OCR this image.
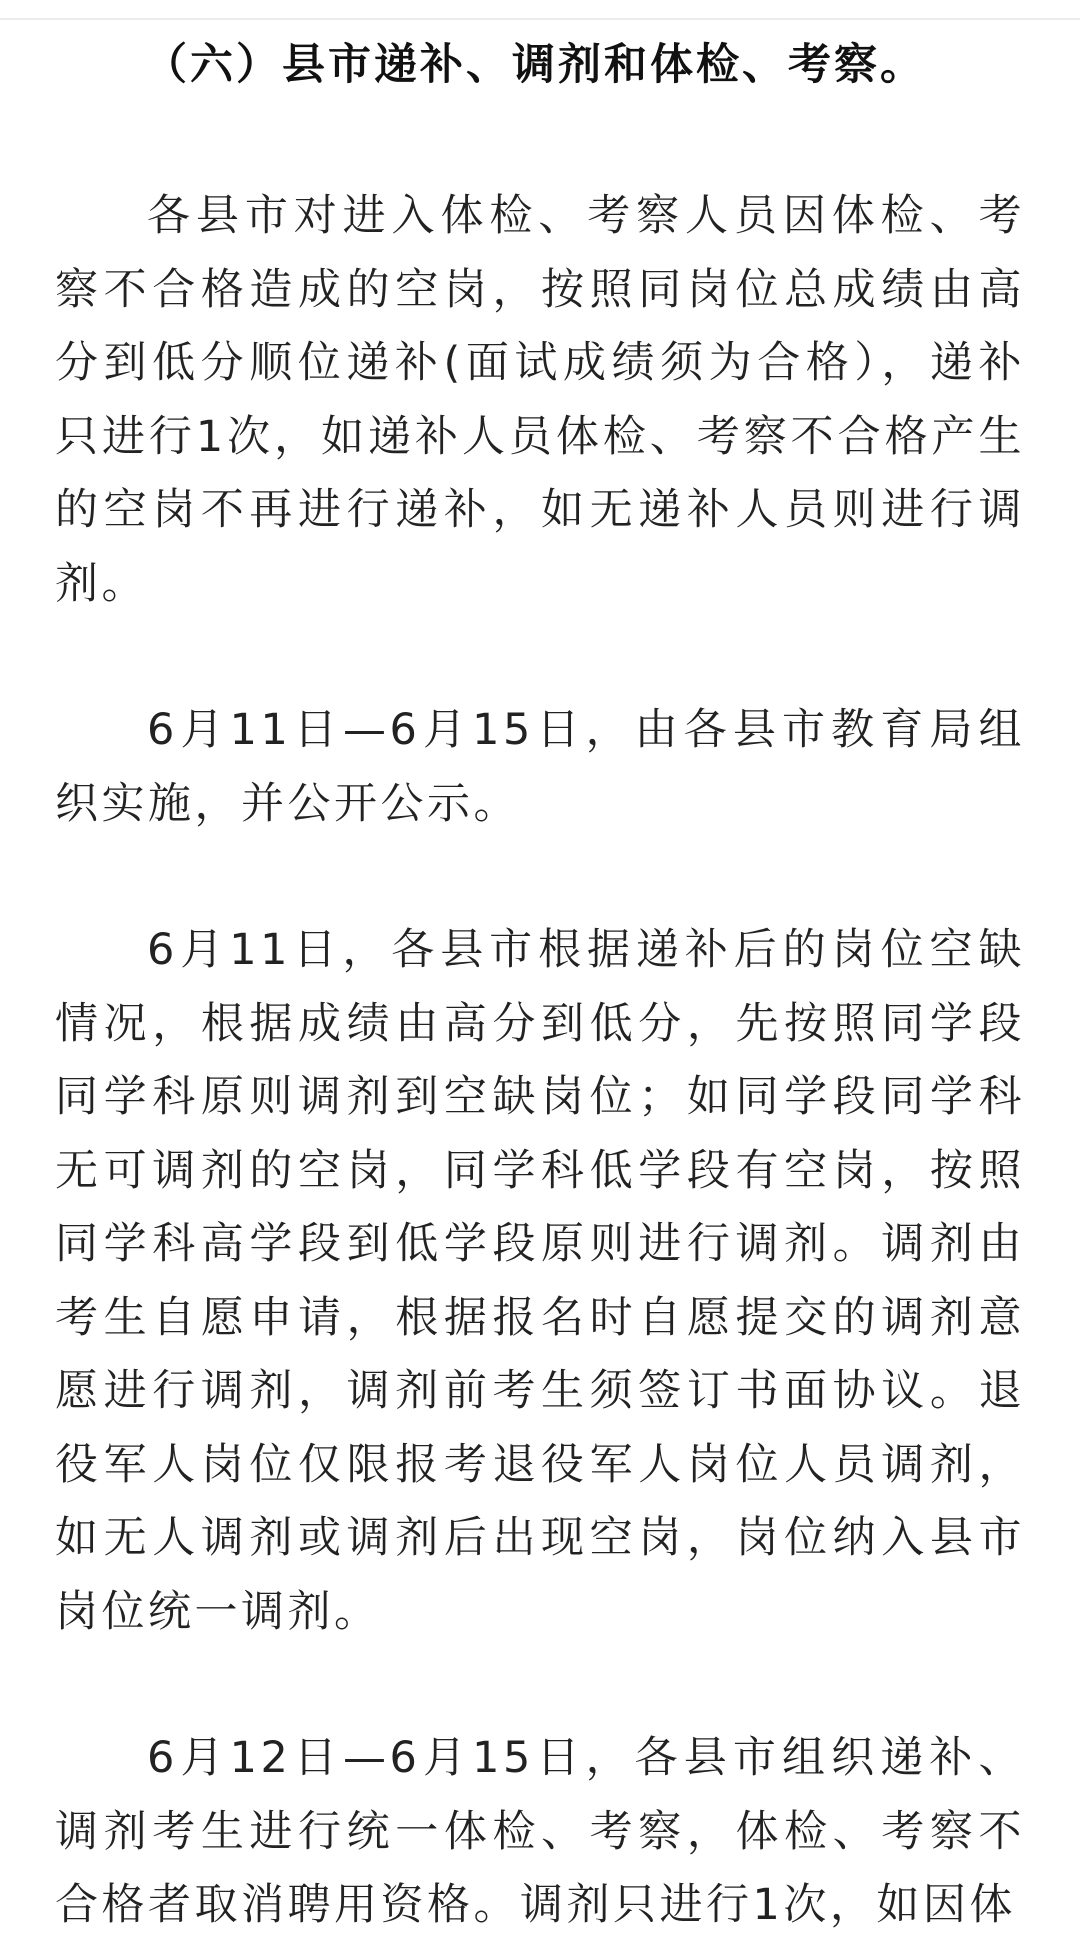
（六）县市递补、调剂和体检、考察。

各县市对进入体检、考察人员因体检、考察不合格造成的空岗，按照同岗位总成绩由高分到低分顺位递补(面试成绩须为合格），递补只进行1次，如递补人员体检、考察不合格产生的空岗不再进行递补，如无递补人员则进行调剂。

6月11日—6月15日，由各县市教育局组织实施，并公开公示。

6月11日，各县市根据递补后的岗位空缺情况，根据成绩由高分到低分，先按照同学段同学科原则调剂到空缺岗位；如同学段同学科无可调剂的空岗，同学科低学段有空岗，按照同学科高学段到低学段原则进行调剂。调剂由考生自愿申请，根据报名时自愿提交的调剂意愿进行调剂，调剂前考生须签订书面协议。退役军人岗位仅限报考退役军人岗位人员调剂，如无人调剂或调剂后出现空岗，岗位纳入县市岗位统一调剂。

6月12日—6月15日，各县市组织递补、调剂考生进行统一体检、考察，体检、考察不合格者取消聘用资格。调剂只进行1次，如因体
